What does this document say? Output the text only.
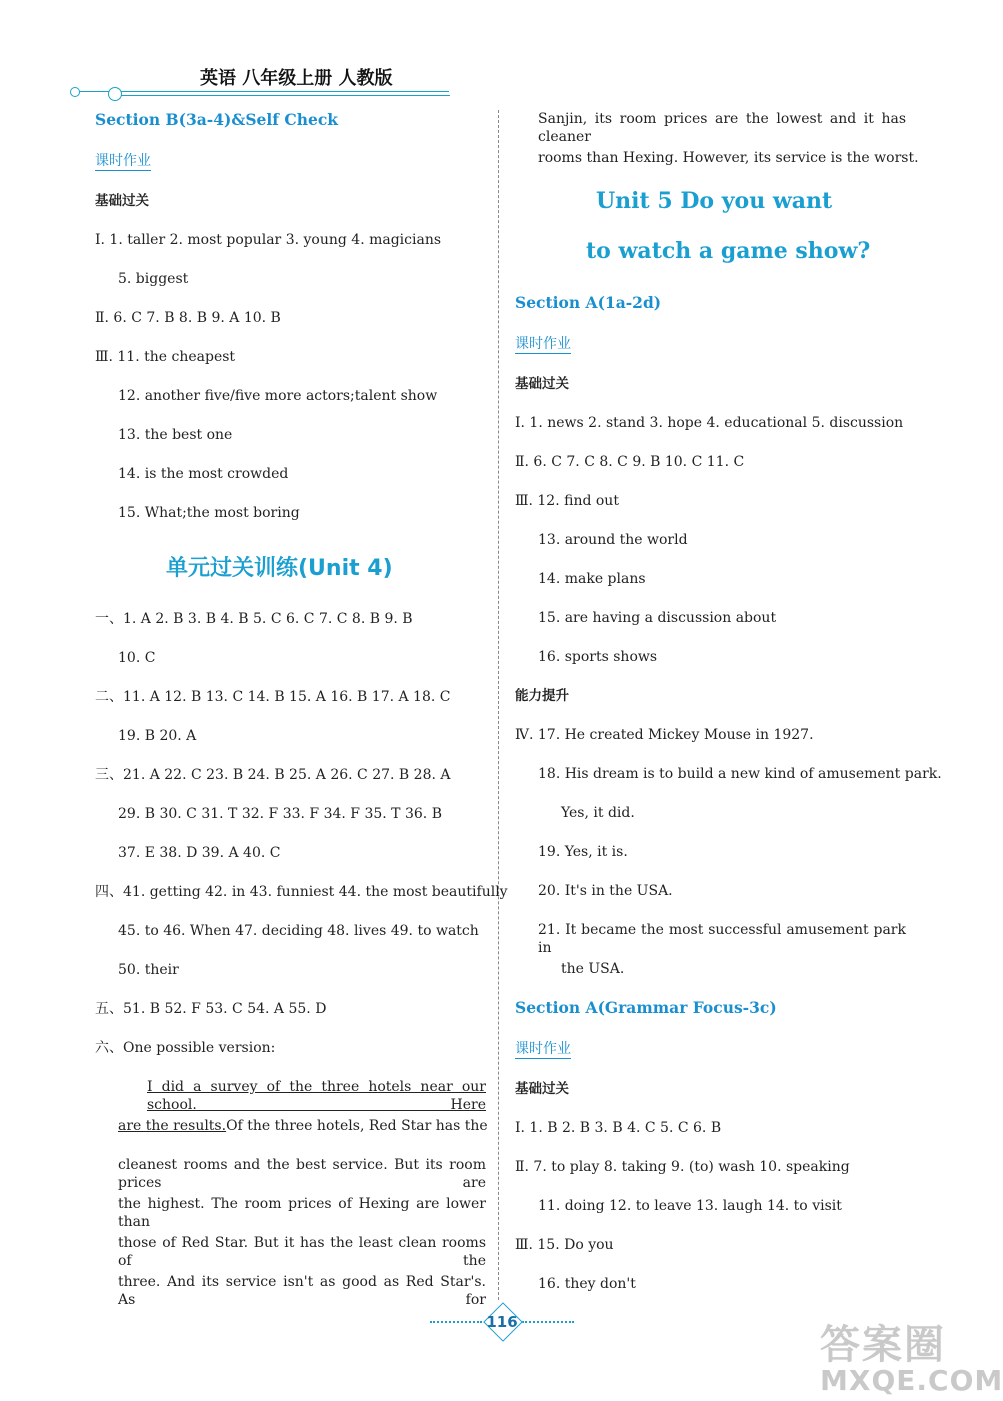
英语 八年级上册 人教版
Section B(3a-4)&Self Check
课时作业
基础过关
Ⅰ. 1. taller 2. most popular 3. young 4. magicians
5. biggest
Ⅱ. 6. C 7. B 8. B 9. A 10. B
Ⅲ. 11. the cheapest
12. another five/five more actors;talent show
13. the best one
14. is the most crowded
15. What;the most boring
单元过关训练(Unit 4)
一、1. A 2. B 3. B 4. B 5. C 6. C 7. C 8. B 9. B
10. C
二、11. A 12. B 13. C 14. B 15. A 16. B 17. A 18. C
19. B 20. A
三、21. A 22. C 23. B 24. B 25. A 26. C 27. B 28. A
29. B 30. C 31. T 32. F 33. F 34. F 35. T 36. B
37. E 38. D 39. A 40. C
四、41. getting 42. in 43. funniest 44. the most beautifully
45. to 46. When 47. deciding 48. lives 49. to watch
50. their
五、51. B 52. F 53. C 54. A 55. D
六、One possible version:
I did a survey of the three hotels near our school. Here
are the results. Of the three hotels, Red Star has the
cleanest rooms and the best service. But its room prices are
the highest. The room prices of Hexing are lower than
those of Red Star. But it has the least clean rooms of the
three. And its service isn't as good as Red Star's. As for
Sanjin, its room prices are the lowest and it has cleaner
rooms than Hexing. However, its service is the worst.
Unit 5 Do you want
to watch a game show?
Section A(1a-2d)
课时作业
基础过关
Ⅰ. 1. news 2. stand 3. hope 4. educational 5. discussion
Ⅱ. 6. C 7. C 8. C 9. B 10. C 11. C
Ⅲ. 12. find out
13. around the world
14. make plans
15. are having a discussion about
16. sports shows
能力提升
Ⅳ. 17. He created Mickey Mouse in 1927.
18. His dream is to build a new kind of amusement park.
Yes, it did.
19. Yes, it is.
20. It's in the USA.
21. It became the most successful amusement park in
the USA.
Section A(Grammar Focus-3c)
课时作业
基础过关
Ⅰ. 1. B 2. B 3. B 4. C 5. C 6. B
Ⅱ. 7. to play 8. taking 9. (to) wash 10. speaking
11. doing 12. to leave 13. laugh 14. to visit
Ⅲ. 15. Do you
16. they don't
116	答案圈
MXQE.COM
